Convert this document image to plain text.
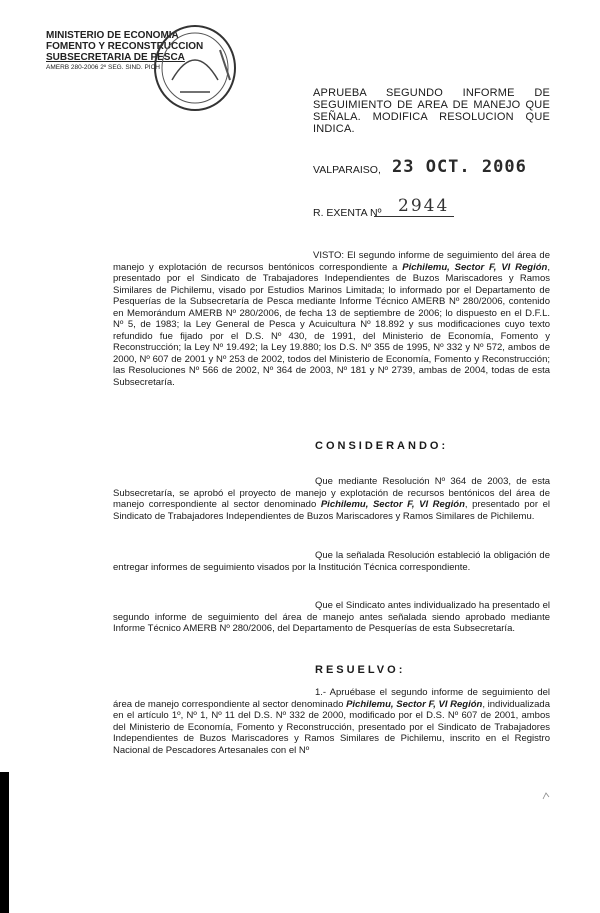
MINISTERIO DE ECONOMIA
FOMENTO Y RECONSTRUCCION
SUBSECRETARIA DE PESCA
AMERB 280-2006 2º SEG. SIND. PICH
APRUEBA SEGUNDO INFORME DE SEGUIMIENTO DE AREA DE MANEJO QUE SEÑALA. MODIFICA RESOLUCION QUE INDICA.
VALPARAISO, 23 OCT. 2006
R. EXENTA Nº 2944
VISTO: El segundo informe de seguimiento del área de manejo y explotación de recursos bentónicos correspondiente a Pichilemu, Sector F, VI Región, presentado por el Sindicato de Trabajadores Independientes de Buzos Mariscadores y Ramos Similares de Pichilemu, visado por Estudios Marinos Limitada; lo informado por el Departamento de Pesquerías de la Subsecretaría de Pesca mediante Informe Técnico AMERB Nº 280/2006, contenido en Memorándum AMERB Nº 280/2006, de fecha 13 de septiembre de 2006; lo dispuesto en el D.F.L. Nº 5, de 1983; la Ley General de Pesca y Acuicultura Nº 18.892 y sus modificaciones cuyo texto refundido fue fijado por el D.S. Nº 430, de 1991, del Ministerio de Economía, Fomento y Reconstrucción; la Ley Nº 19.492; la Ley 19.880; los D.S. Nº 355 de 1995, Nº 332 y Nº 572, ambos de 2000, Nº 607 de 2001 y Nº 253 de 2002, todos del Ministerio de Economía, Fomento y Reconstrucción; las Resoluciones Nº 566 de 2002, Nº 364 de 2003, Nº 181 y Nº 2739, ambas de 2004, todas de esta Subsecretaría.
CONSIDERANDO:
Que mediante Resolución Nº 364 de 2003, de esta Subsecretaría, se aprobó el proyecto de manejo y explotación de recursos bentónicos del área de manejo correspondiente al sector denominado Pichilemu, Sector F, VI Región, presentado por el Sindicato de Trabajadores Independientes de Buzos Mariscadores y Ramos Similares de Pichilemu.
Que la señalada Resolución estableció la obligación de entregar informes de seguimiento visados por la Institución Técnica correspondiente.
Que el Sindicato antes individualizado ha presentado el segundo informe de seguimiento del área de manejo antes señalada siendo aprobado mediante Informe Técnico AMERB Nº 280/2006, del Departamento de Pesquerías de esta Subsecretaría.
RESUELVO:
1.- Apruébase el segundo informe de seguimiento del área de manejo correspondiente al sector denominado Pichilemu, Sector F, VI Región, individualizada en el artículo 1º, Nº 1, Nº 11 del D.S. Nº 332 de 2000, modificado por el D.S. Nº 607 de 2001, ambos del Ministerio de Economía, Fomento y Reconstrucción, presentado por el Sindicato de Trabajadores Independientes de Buzos Mariscadores y Ramos Similares de Pichilemu, inscrito en el Registro Nacional de Pescadores Artesanales con el Nº
